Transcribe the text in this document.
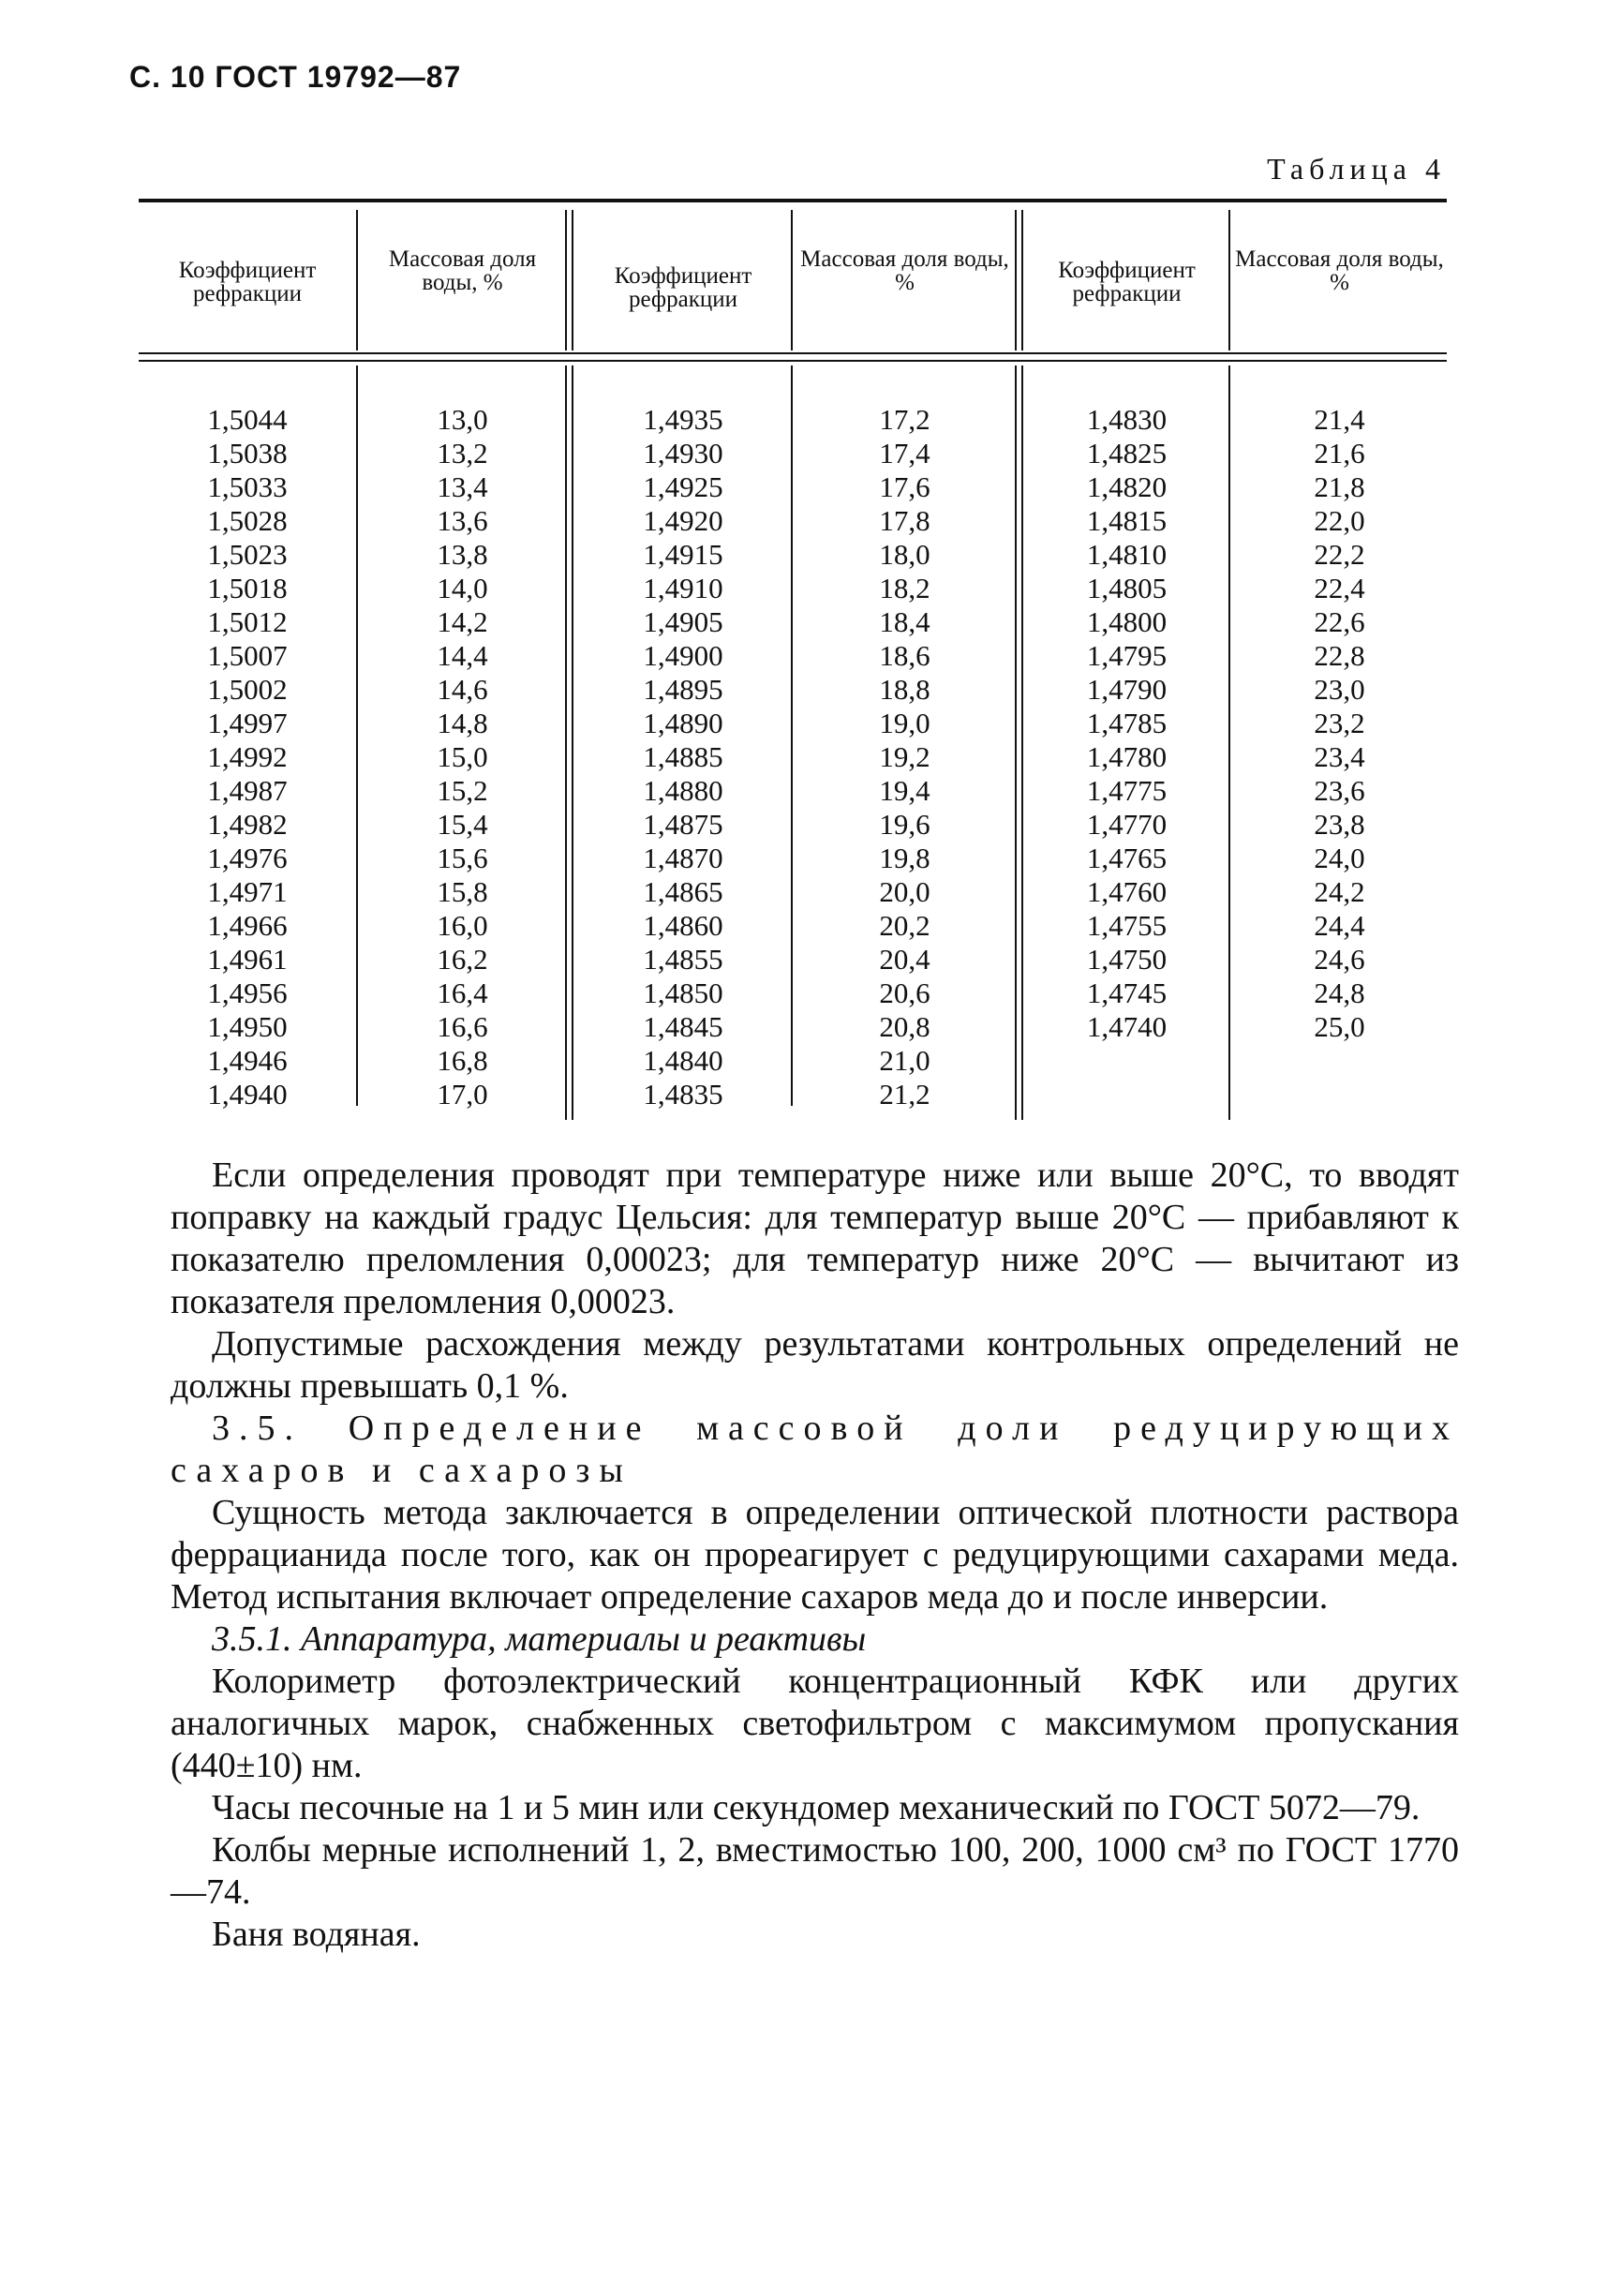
С. 10 ГОСТ 19792—87
Таблица 4
Коэффициент рефракции
Массовая доля воды, %	Коэффициент рефракции
Массовая доля воды, %	Коэффициент рефракции
Массовая доля воды, %
1,5044
1,5038
1,5033
1,5028
1,5023
1,5018
1,5012
1,5007
1,5002
1,4997
1,4992
1,4987
1,4982
1,4976
1,4971
1,4966
1,4961
1,4956
1,4950
1,4946
1,4940
13,0
13,2
13,4
13,6
13,8
14,0
14,2
14,4
14,6
14,8
15,0
15,2
15,4
15,6
15,8
16,0
16,2
16,4
16,6
16,8
17,0
1,4935
1,4930
1,4925
1,4920
1,4915
1,4910
1,4905
1,4900
1,4895
1,4890
1,4885
1,4880
1,4875
1,4870
1,4865
1,4860
1,4855
1,4850
1,4845
1,4840
1,4835
17,2
17,4
17,6
17,8
18,0
18,2
18,4
18,6
18,8
19,0
19,2
19,4
19,6
19,8
20,0
20,2
20,4
20,6
20,8
21,0
21,2
1,4830
1,4825
1,4820
1,4815
1,4810
1,4805
1,4800
1,4795
1,4790
1,4785
1,4780
1,4775
1,4770
1,4765
1,4760
1,4755
1,4750
1,4745
1,4740
21,4
21,6
21,8
22,0
22,2
22,4
22,6
22,8
23,0
23,2
23,4
23,6
23,8
24,0
24,2
24,4
24,6
24,8
25,0

Если определения проводят при температуре ниже или выше 20°С, то вводят поправку на каждый градус Цельсия: для температур выше 20°С — прибавляют к показателю преломления 0,00023; для температур ниже 20°С — вычитают из показателя преломления 0,00023.

Допустимые расхождения между результатами контрольных определений не должны превышать 0,1 %.

3.5. Определение массовой доли редуцирующих сахаров и сахарозы

Сущность метода заключается в определении оптической плотности раствора феррацианида после того, как он прореагирует с редуцирующими сахарами меда. Метод испытания включает определение сахаров меда до и после инверсии.

3.5.1. Аппаратура, материалы и реактивы

Колориметр фотоэлектрический концентрационный КФК или других аналогичных марок, снабженных светофильтром с максимумом пропускания (440±10) нм.

Часы песочные на 1 и 5 мин или секундомер механический по ГОСТ 5072—79.

Колбы мерные исполнений 1, 2, вместимостью 100, 200, 1000 см³ по ГОСТ 1770—74.

Баня водяная.
